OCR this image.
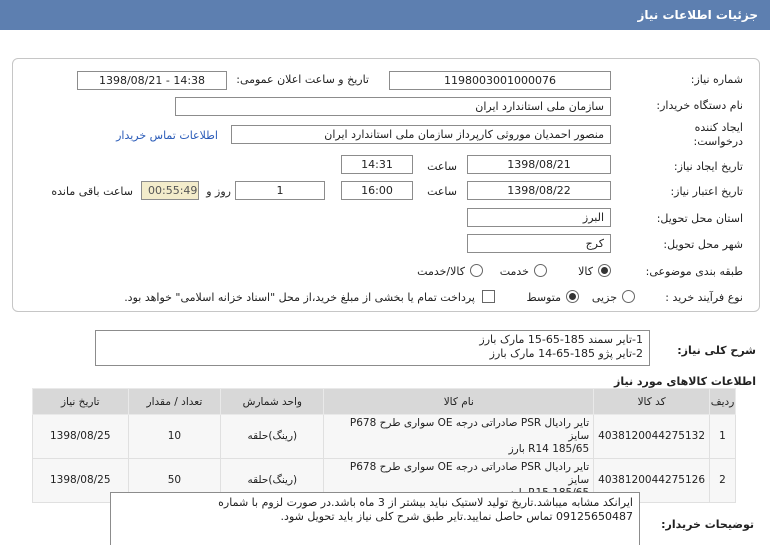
جزئیات اطلاعات نیاز
شماره نیاز:
1198003001000076
تاریخ و ساعت اعلان عمومی:
1398/08/21 - 14:38
نام دستگاه خریدار:
سازمان ملی استاندارد ایران
ایجاد کننده
درخواست:
منصور احمدیان موروثی کارپرداز سازمان ملی استاندارد ایران
اطلاعات تماس خریدار
تاریخ ایجاد نیاز:
1398/08/21
ساعت
14:31
تاریخ اعتبار نیاز:
1398/08/22
ساعت
16:00
1
روز و
00:55:49
ساعت باقی مانده
استان محل تحویل:
البرز
شهر محل تحویل:
کرج
طبقه بندی موضوعی:
کالا
خدمت
کالا/خدمت
نوع فرآیند خرید :
جزیی
متوسط
پرداخت تمام یا بخشی از مبلغ خرید،از محل "اسناد خزانه اسلامی" خواهد بود.
شرح کلی نیاز:
1-تایر سمند 185-65-15 مارک بارز
2-تایر پژو 185-65-14 مارک بارز
اطلاعات کالاهای مورد نیاز
ردیف	کد کالا	نام کالا	واحد شمارش	تعداد / مقدار	تاریخ نیاز
1	4038120044275132	تایر رادیال PSR صادراتی درجه OE سواری طرح P678 سایز
185/65 R14 بارز	(رینگ)حلقه	10	1398/08/25
2	4038120044275126	تایر رادیال PSR صادراتی درجه OE سواری طرح P678 سایز	(رینگ)حلقه	50	1398/08/25
توضیحات خریدار:
ایرانکد مشابه میباشد.تاریخ تولید لاستیک نباید بیشتر از 3 ماه باشد.در صورت لزوم با شماره
09125650487 تماس حاصل نمایید.تایر طبق شرح کلی نیاز باید تحویل شود.
